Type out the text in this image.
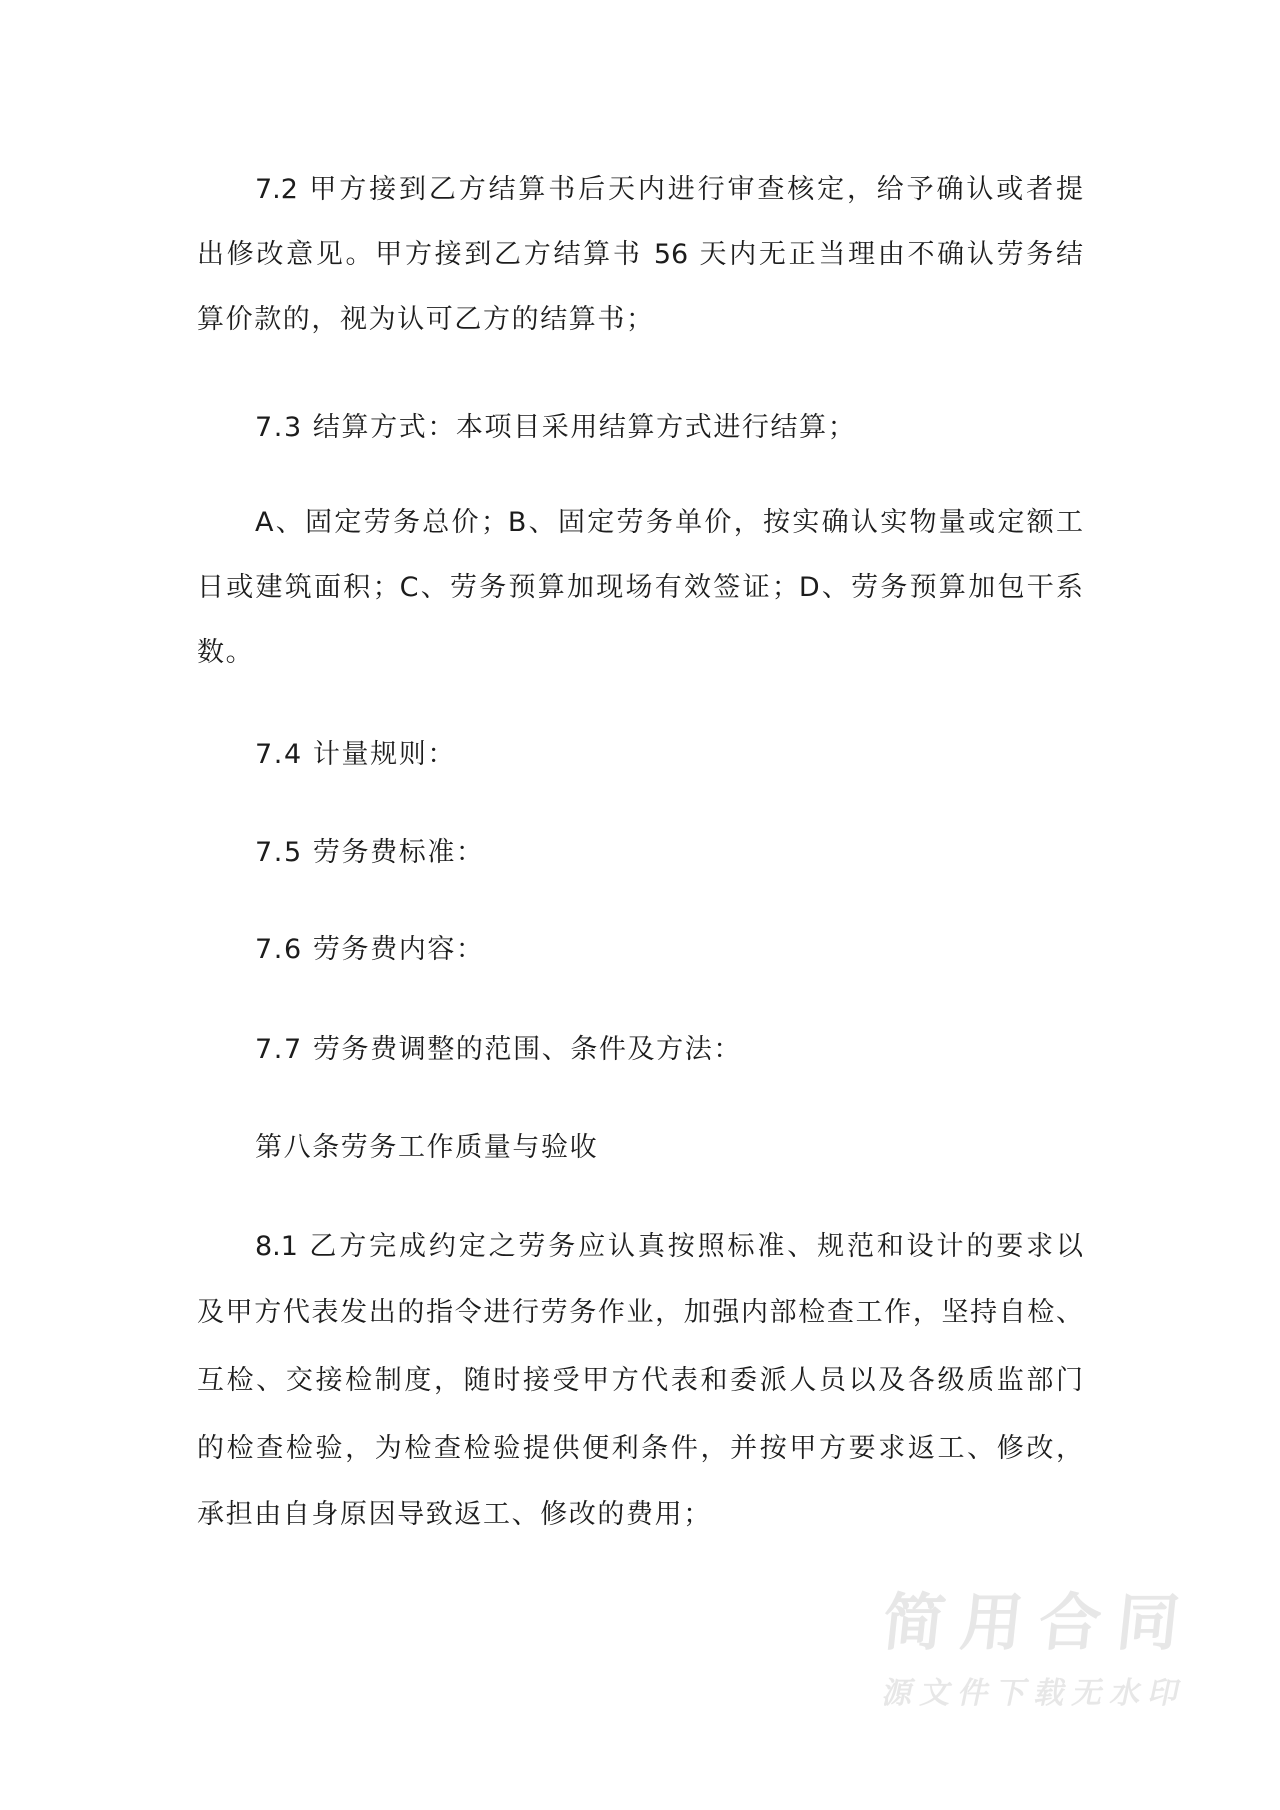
7.2 甲方接到乙方结算书后天内进行审查核定，给予确认或者提
出修改意见。甲方接到乙方结算书 56 天内无正当理由不确认劳务结
算价款的，视为认可乙方的结算书；
7.3 结算方式：本项目采用结算方式进行结算；
A、固定劳务总价；B、固定劳务单价，按实确认实物量或定额工
日或建筑面积；C、劳务预算加现场有效签证；D、劳务预算加包干系
数。
7.4 计量规则：
7.5 劳务费标准：
7.6 劳务费内容：
7.7 劳务费调整的范围、条件及方法：
第八条劳务工作质量与验收
8.1 乙方完成约定之劳务应认真按照标准、规范和设计的要求以
及甲方代表发出的指令进行劳务作业，加强内部检查工作，坚持自检、
互检、交接检制度，随时接受甲方代表和委派人员以及各级质监部门
的检查检验，为检查检验提供便利条件，并按甲方要求返工、修改，
承担由自身原因导致返工、修改的费用；
简用合同
源文件下载无水印
